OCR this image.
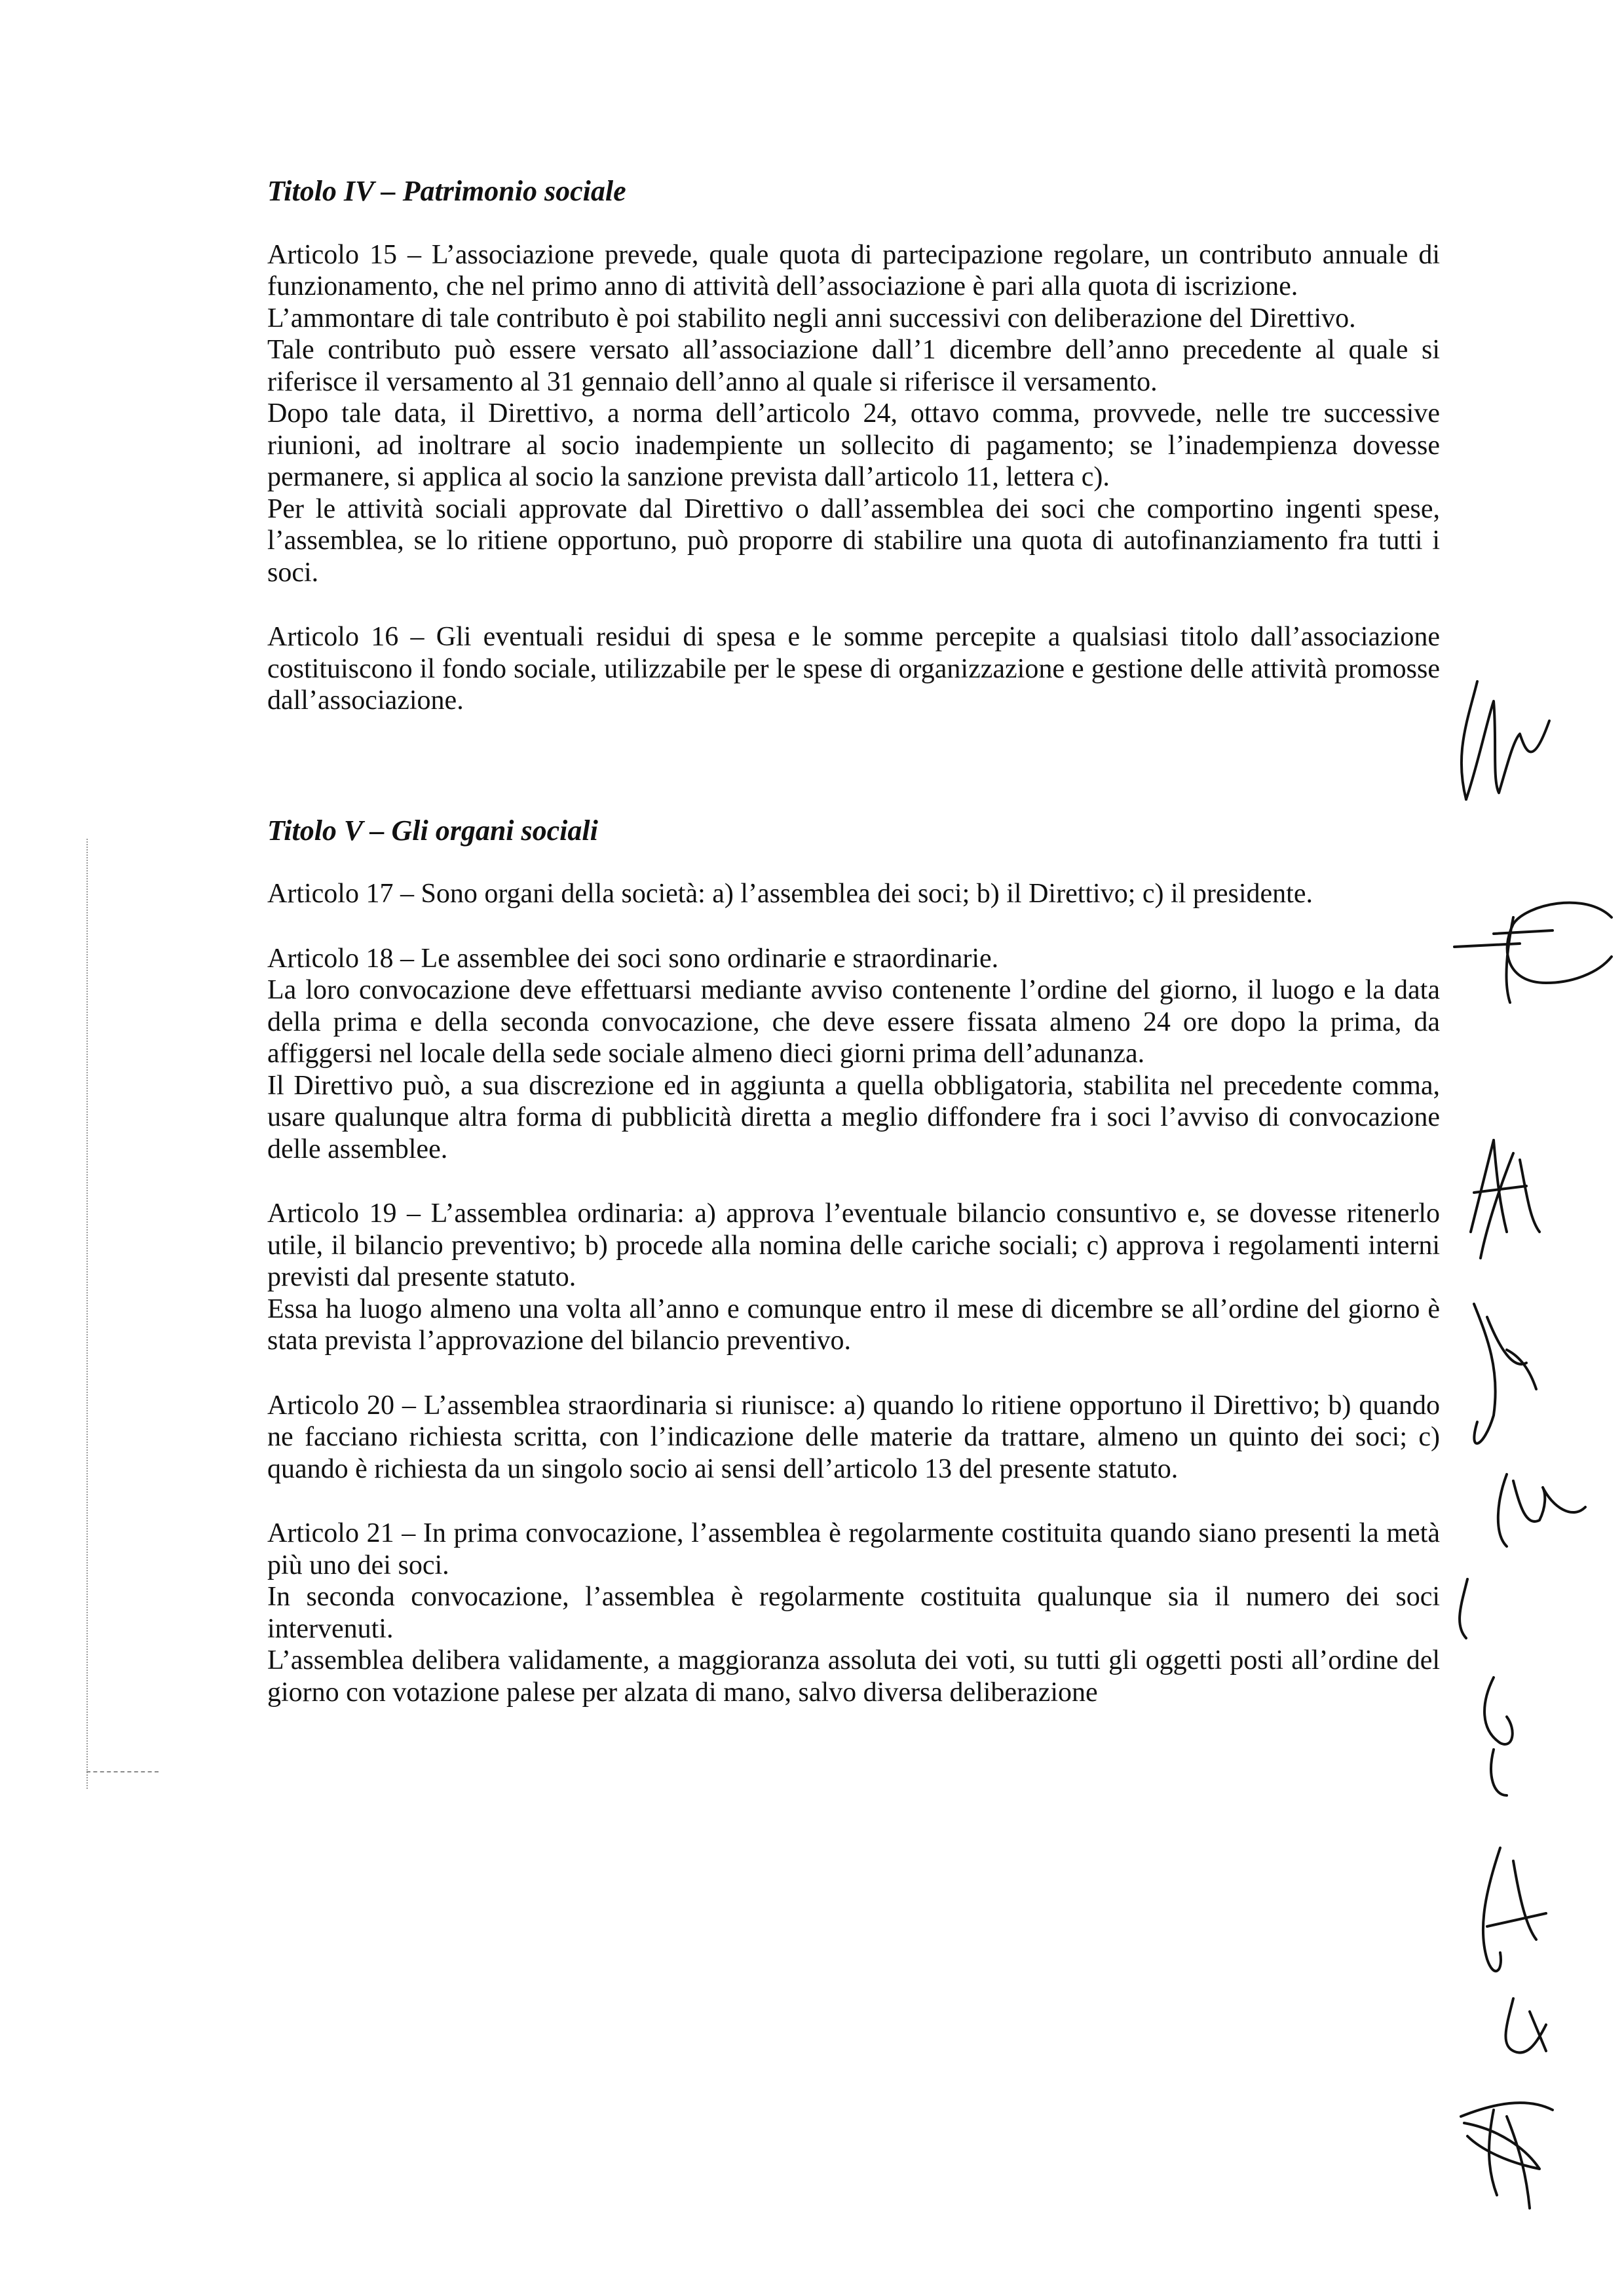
Titolo IV – Patrimonio sociale

Articolo 15 – L’associazione prevede, quale quota di partecipazione regolare, un contributo annuale di funzionamento, che nel primo anno di attività dell’associazione è pari alla quota di iscrizione.

L’ammontare di tale contributo è poi stabilito negli anni successivi con deliberazione del Direttivo.

Tale contributo può essere versato all’associazione dall’1 dicembre dell’anno precedente al quale si riferisce il versamento al 31 gennaio dell’anno al quale si riferisce il versamento.

Dopo tale data, il Direttivo, a norma dell’articolo 24, ottavo comma, provvede, nelle tre successive riunioni, ad inoltrare al socio inadempiente un sollecito di pagamento; se l’inadempienza dovesse permanere, si applica al socio la sanzione prevista dall’articolo 11, lettera c).

Per le attività sociali approvate dal Direttivo o dall’assemblea dei soci che comportino ingenti spese, l’assemblea, se lo ritiene opportuno, può proporre di stabilire una quota di autofinanziamento fra tutti i soci.

Articolo 16 – Gli eventuali residui di spesa e le somme percepite a qualsiasi titolo dall’associazione costituiscono il fondo sociale, utilizzabile per le spese di organizzazione e gestione delle attività promosse dall’associazione.

Titolo V – Gli organi sociali

Articolo 17 – Sono organi della società: a) l’assemblea dei soci; b) il Direttivo; c) il presidente.

Articolo 18 – Le assemblee dei soci sono ordinarie e straordinarie.

La loro convocazione deve effettuarsi mediante avviso contenente l’ordine del giorno, il luogo e la data della prima e della seconda convocazione, che deve essere fissata almeno 24 ore dopo la prima, da affiggersi nel locale della sede sociale almeno dieci giorni prima dell’adunanza.

Il Direttivo può, a sua discrezione ed in aggiunta a quella obbligatoria, stabilita nel precedente comma, usare qualunque altra forma di pubblicità diretta a meglio diffondere fra i soci l’avviso di convocazione delle assemblee.

Articolo 19 – L’assemblea ordinaria: a) approva l’eventuale bilancio consuntivo e, se dovesse ritenerlo utile, il bilancio preventivo; b) procede alla nomina delle cariche sociali; c) approva i regolamenti interni previsti dal presente statuto.

Essa ha luogo almeno una volta all’anno e comunque entro il mese di dicembre se all’ordine del giorno è stata prevista l’approvazione del bilancio preventivo.

Articolo 20 – L’assemblea straordinaria si riunisce: a) quando lo ritiene opportuno il Direttivo; b) quando ne facciano richiesta scritta, con l’indicazione delle materie da trattare, almeno un quinto dei soci; c) quando è richiesta da un singolo socio ai sensi dell’articolo 13 del presente statuto.

Articolo 21 – In prima convocazione, l’assemblea è regolarmente costituita quando siano presenti la metà più uno dei soci.

In seconda convocazione, l’assemblea è regolarmente costituita qualunque sia il numero dei soci intervenuti.

L’assemblea delibera validamente, a maggioranza assoluta dei voti, su tutti gli oggetti posti all’ordine del giorno con votazione palese per alzata di mano, salvo diversa deliberazione
